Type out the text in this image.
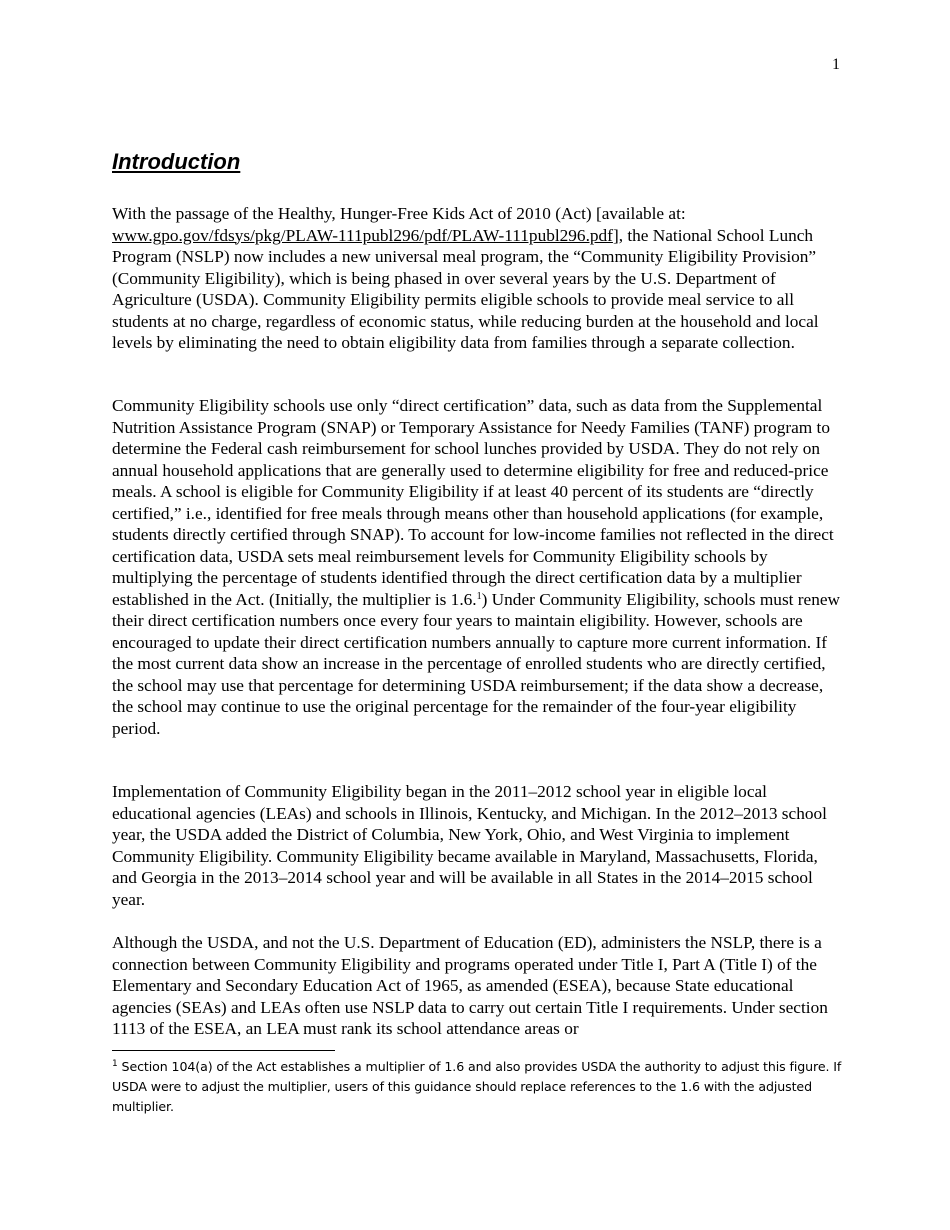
1
Introduction

With the passage of the Healthy, Hunger-Free Kids Act of 2010 (Act) [available at: www.gpo.gov/fdsys/pkg/PLAW-111publ296/pdf/PLAW-111publ296.pdf], the National School Lunch Program (NSLP) now includes a new universal meal program, the “Community Eligibility Provision” (Community Eligibility), which is being phased in over several years by the U.S. Department of Agriculture (USDA). Community Eligibility permits eligible schools to provide meal service to all students at no charge, regardless of economic status, while reducing burden at the household and local levels by eliminating the need to obtain eligibility data from families through a separate collection.

Community Eligibility schools use only “direct certification” data, such as data from the Supplemental Nutrition Assistance Program (SNAP) or Temporary Assistance for Needy Families (TANF) program to determine the Federal cash reimbursement for school lunches provided by USDA. They do not rely on annual household applications that are generally used to determine eligibility for free and reduced-price meals. A school is eligible for Community Eligibility if at least 40 percent of its students are “directly certified,” i.e., identified for free meals through means other than household applications (for example, students directly certified through SNAP). To account for low-income families not reflected in the direct certification data, USDA sets meal reimbursement levels for Community Eligibility schools by multiplying the percentage of students identified through the direct certification data by a multiplier established in the Act. (Initially, the multiplier is 1.6.$^1$) Under Community Eligibility, schools must renew their direct certification numbers once every four years to maintain eligibility. However, schools are encouraged to update their direct certification numbers annually to capture more current information. If the most current data show an increase in the percentage of enrolled students who are directly certified, the school may use that percentage for determining USDA reimbursement; if the data show a decrease, the school may continue to use the original percentage for the remainder of the four-year eligibility period.

Implementation of Community Eligibility began in the 2011–2012 school year in eligible local educational agencies (LEAs) and schools in Illinois, Kentucky, and Michigan. In the 2012–2013 school year, the USDA added the District of Columbia, New York, Ohio, and West Virginia to implement Community Eligibility. Community Eligibility became available in Maryland, Massachusetts, Florida, and Georgia in the 2013–2014 school year and will be available in all States in the 2014–2015 school year.

Although the USDA, and not the U.S. Department of Education (ED), administers the NSLP, there is a connection between Community Eligibility and programs operated under Title I, Part A (Title I) of the Elementary and Secondary Education Act of 1965, as amended (ESEA), because State educational agencies (SEAs) and LEAs often use NSLP data to carry out certain Title I requirements. Under section 1113 of the ESEA, an LEA must rank its school attendance areas or

$^1$ Section 104(a) of the Act establishes a multiplier of 1.6 and also provides USDA the authority to adjust this figure. If USDA were to adjust the multiplier, users of this guidance should replace references to the 1.6 with the adjusted multiplier.
